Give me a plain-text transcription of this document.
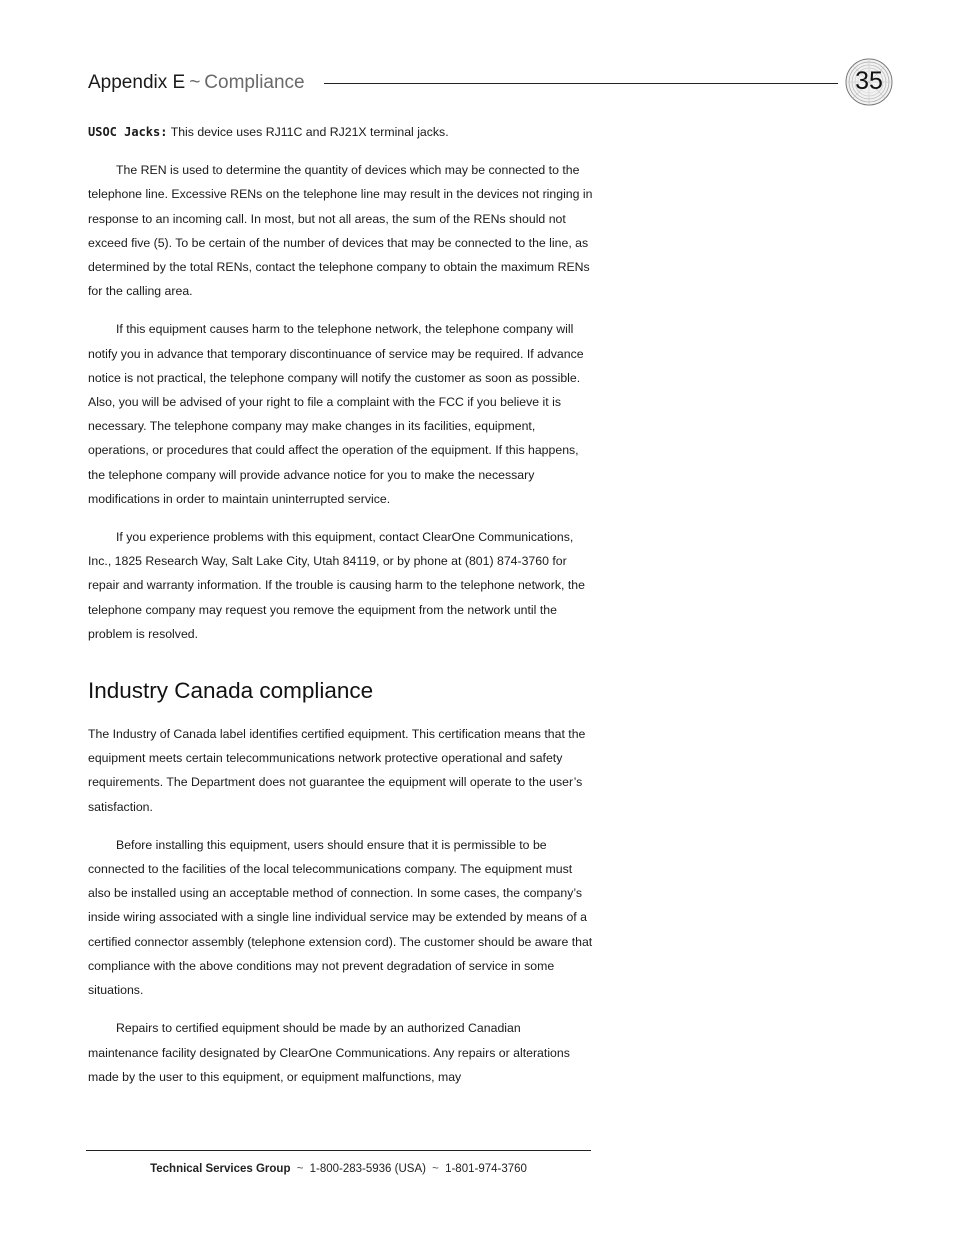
Appendix E ~ Compliance	35
USOC Jacks: This device uses RJ11C and RJ21X terminal jacks.

The REN is used to determine the quantity of devices which may be connected to the telephone line. Excessive RENs on the telephone line may result in the devices not ringing in response to an incoming call. In most, but not all areas, the sum of the RENs should not exceed five (5). To be certain of the number of devices that may be connected to the line, as determined by the total RENs, contact the telephone company to obtain the maximum RENs for the calling area.

If this equipment causes harm to the telephone network, the telephone company will notify you in advance that temporary discontinuance of service may be required. If advance notice is not practical, the telephone company will notify the customer as soon as possible. Also, you will be advised of your right to file a complaint with the FCC if you believe it is necessary. The telephone company may make changes in its facilities, equipment, operations, or procedures that could affect the operation of the equipment. If this happens, the telephone company will provide advance notice for you to make the necessary modifications in order to maintain uninterrupted service.

If you experience problems with this equipment, contact ClearOne Communications, Inc., 1825 Research Way, Salt Lake City, Utah 84119, or by phone at (801) 874-3760 for repair and warranty information. If the trouble is causing harm to the telephone network, the telephone company may request you remove the equipment from the network until the problem is resolved.

Industry Canada compliance

The Industry of Canada label identifies certified equipment. This certification means that the equipment meets certain telecommunications network protective operational and safety requirements. The Department does not guarantee the equipment will operate to the user’s satisfaction.

Before installing this equipment, users should ensure that it is permissible to be connected to the facilities of the local telecommunications company. The equipment must also be installed using an acceptable method of connection. In some cases, the company’s inside wiring associated with a single line individual service may be extended by means of a certified connector assembly (telephone extension cord). The customer should be aware that compliance with the above conditions may not prevent degradation of service in some situations.

Repairs to certified equipment should be made by an authorized Canadian maintenance facility designated by ClearOne Communications. Any repairs or alterations made by the user to this equipment, or equipment malfunctions, may

Technical Services Group ~ 1-800-283-5936 (USA) ~ 1-801-974-3760
